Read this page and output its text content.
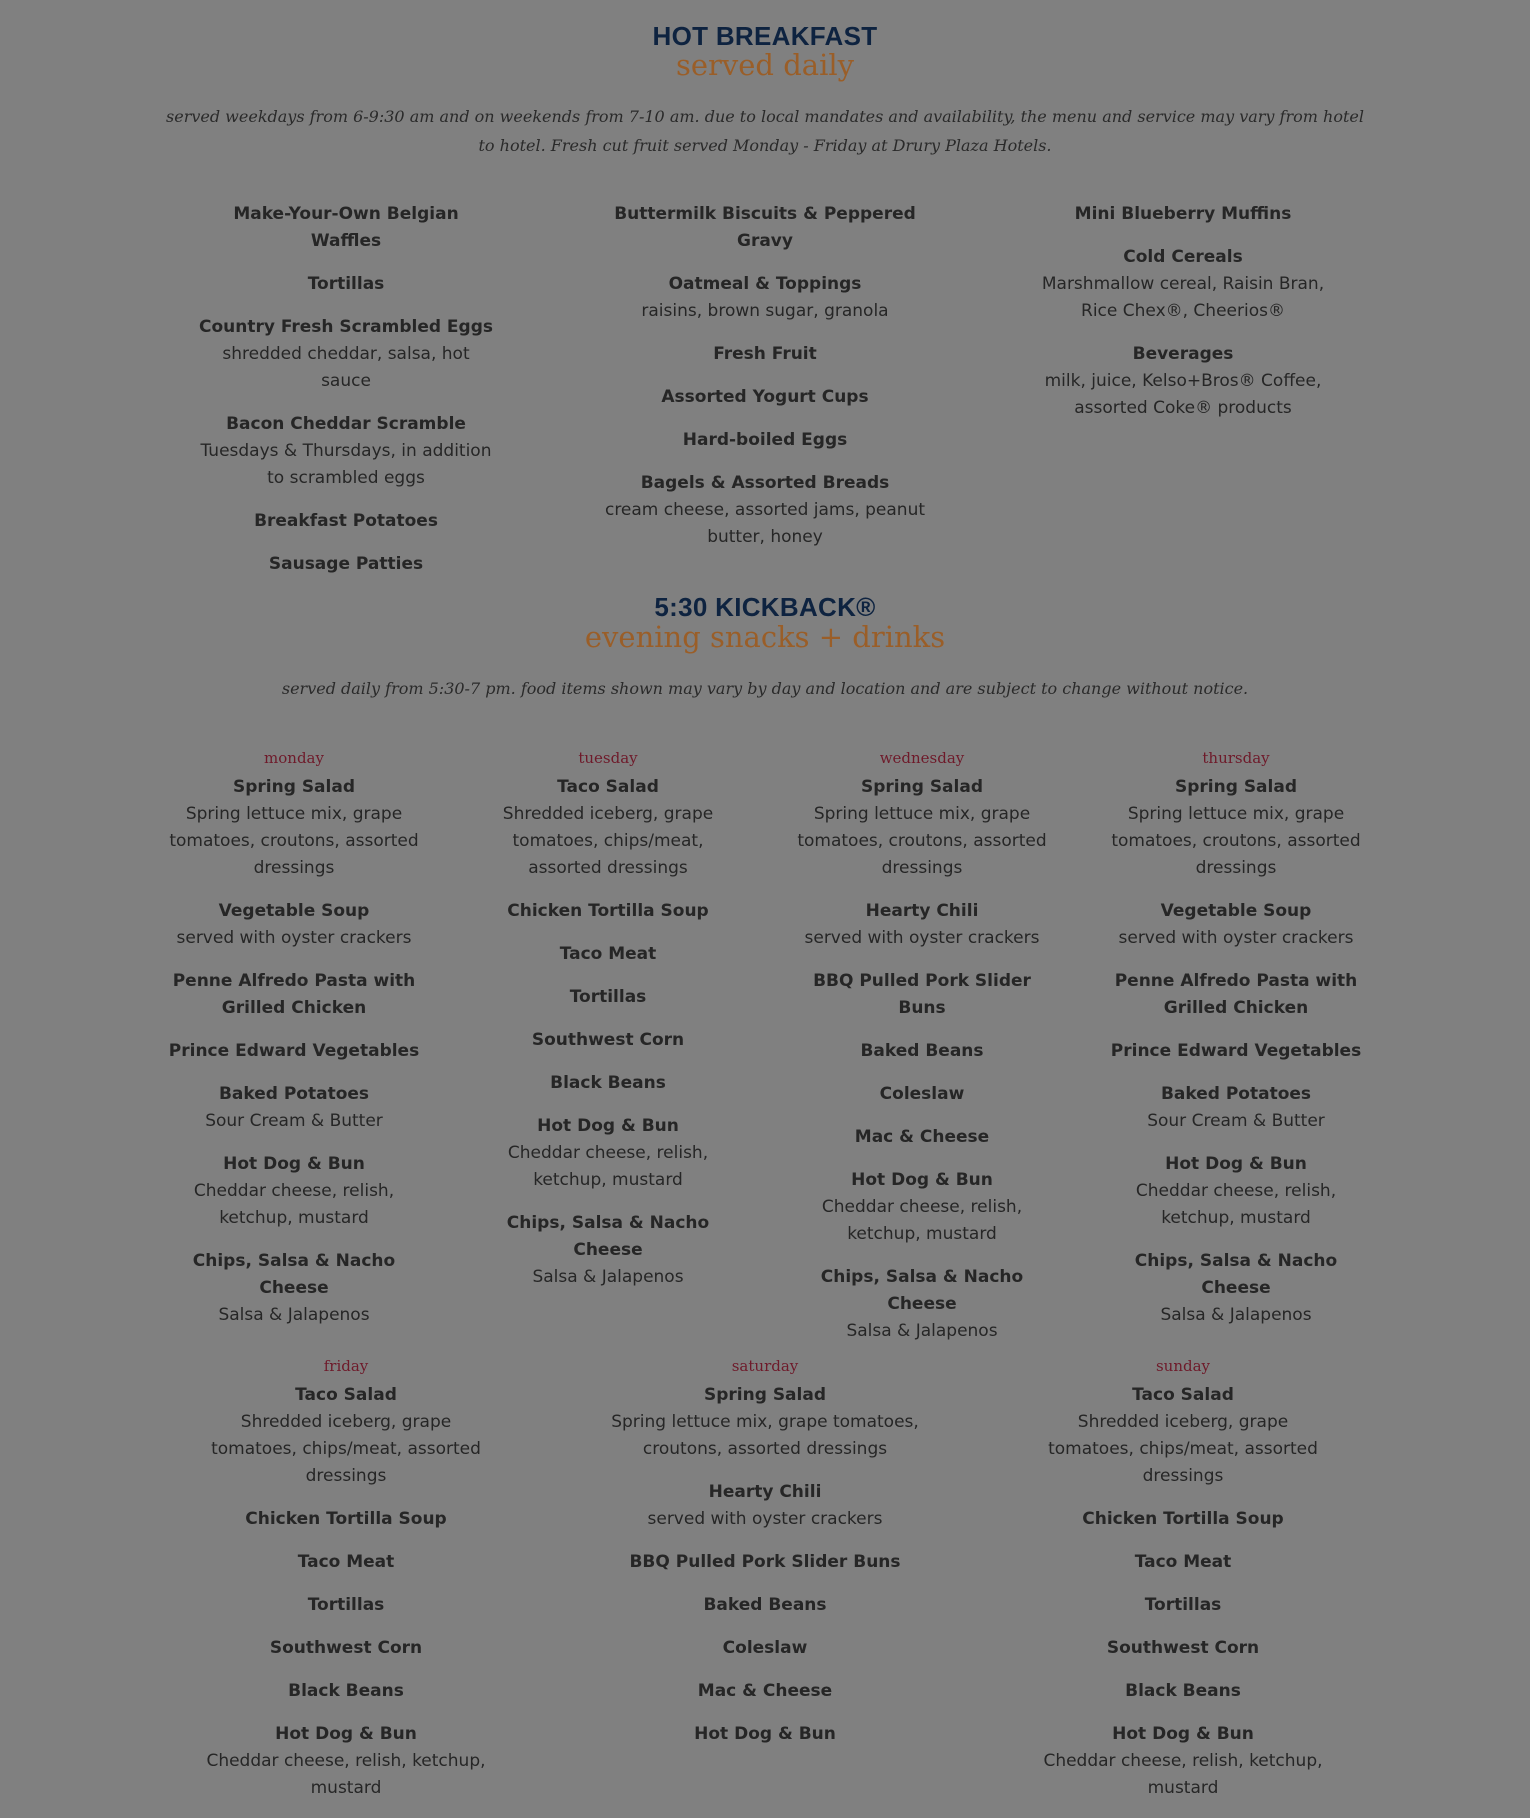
HOT BREAKFAST
served daily
served weekdays from 6-9:30 am and on weekends from 7-10 am. due to local mandates and availability, the menu and service may vary from hotel to hotel. Fresh cut fruit served Monday - Friday at Drury Plaza Hotels.
Make-Your-Own Belgian Waffles
Tortillas
Country Fresh Scrambled Eggs
shredded cheddar, salsa, hot sauce
Bacon Cheddar Scramble
Tuesdays & Thursdays, in addition to scrambled eggs
Breakfast Potatoes
Sausage Patties
Buttermilk Biscuits & Peppered Gravy
Oatmeal & Toppings
raisins, brown sugar, granola
Fresh Fruit
Assorted Yogurt Cups
Hard-boiled Eggs
Bagels & Assorted Breads
cream cheese, assorted jams, peanut butter, honey
Mini Blueberry Muffins
Cold Cereals
Marshmallow cereal, Raisin Bran, Rice Chex®, Cheerios®
Beverages
milk, juice, Kelso+Bros® Coffee, assorted Coke® products
5:30 KICKBACK®
evening snacks + drinks
served daily from 5:30-7 pm. food items shown may vary by day and location and are subject to change without notice.
monday
Spring Salad
Spring lettuce mix, grape tomatoes, croutons, assorted dressings
Vegetable Soup
served with oyster crackers
Penne Alfredo Pasta with Grilled Chicken
Prince Edward Vegetables
Baked Potatoes
Sour Cream & Butter
Hot Dog & Bun
Cheddar cheese, relish, ketchup, mustard
Chips, Salsa & Nacho Cheese
Salsa & Jalapenos
tuesday
Taco Salad
Shredded iceberg, grape tomatoes, chips/meat, assorted dressings
Chicken Tortilla Soup
Taco Meat
Tortillas
Southwest Corn
Black Beans
Hot Dog & Bun
Cheddar cheese, relish, ketchup, mustard
Chips, Salsa & Nacho Cheese
Salsa & Jalapenos
wednesday
Spring Salad
Spring lettuce mix, grape tomatoes, croutons, assorted dressings
Hearty Chili
served with oyster crackers
BBQ Pulled Pork Slider Buns
Baked Beans
Coleslaw
Mac & Cheese
Hot Dog & Bun
Cheddar cheese, relish, ketchup, mustard
Chips, Salsa & Nacho Cheese
Salsa & Jalapenos
thursday
Spring Salad
Spring lettuce mix, grape tomatoes, croutons, assorted dressings
Vegetable Soup
served with oyster crackers
Penne Alfredo Pasta with Grilled Chicken
Prince Edward Vegetables
Baked Potatoes
Sour Cream & Butter
Hot Dog & Bun
Cheddar cheese, relish, ketchup, mustard
Chips, Salsa & Nacho Cheese
Salsa & Jalapenos
friday
Taco Salad
Shredded iceberg, grape tomatoes, chips/meat, assorted dressings
Chicken Tortilla Soup
Taco Meat
Tortillas
Southwest Corn
Black Beans
Hot Dog & Bun
Cheddar cheese, relish, ketchup, mustard
saturday
Spring Salad
Spring lettuce mix, grape tomatoes, croutons, assorted dressings
Hearty Chili
served with oyster crackers
BBQ Pulled Pork Slider Buns
Baked Beans
Coleslaw
Mac & Cheese
Hot Dog & Bun
sunday
Taco Salad
Shredded iceberg, grape tomatoes, chips/meat, assorted dressings
Chicken Tortilla Soup
Taco Meat
Tortillas
Southwest Corn
Black Beans
Hot Dog & Bun
Cheddar cheese, relish, ketchup, mustard
